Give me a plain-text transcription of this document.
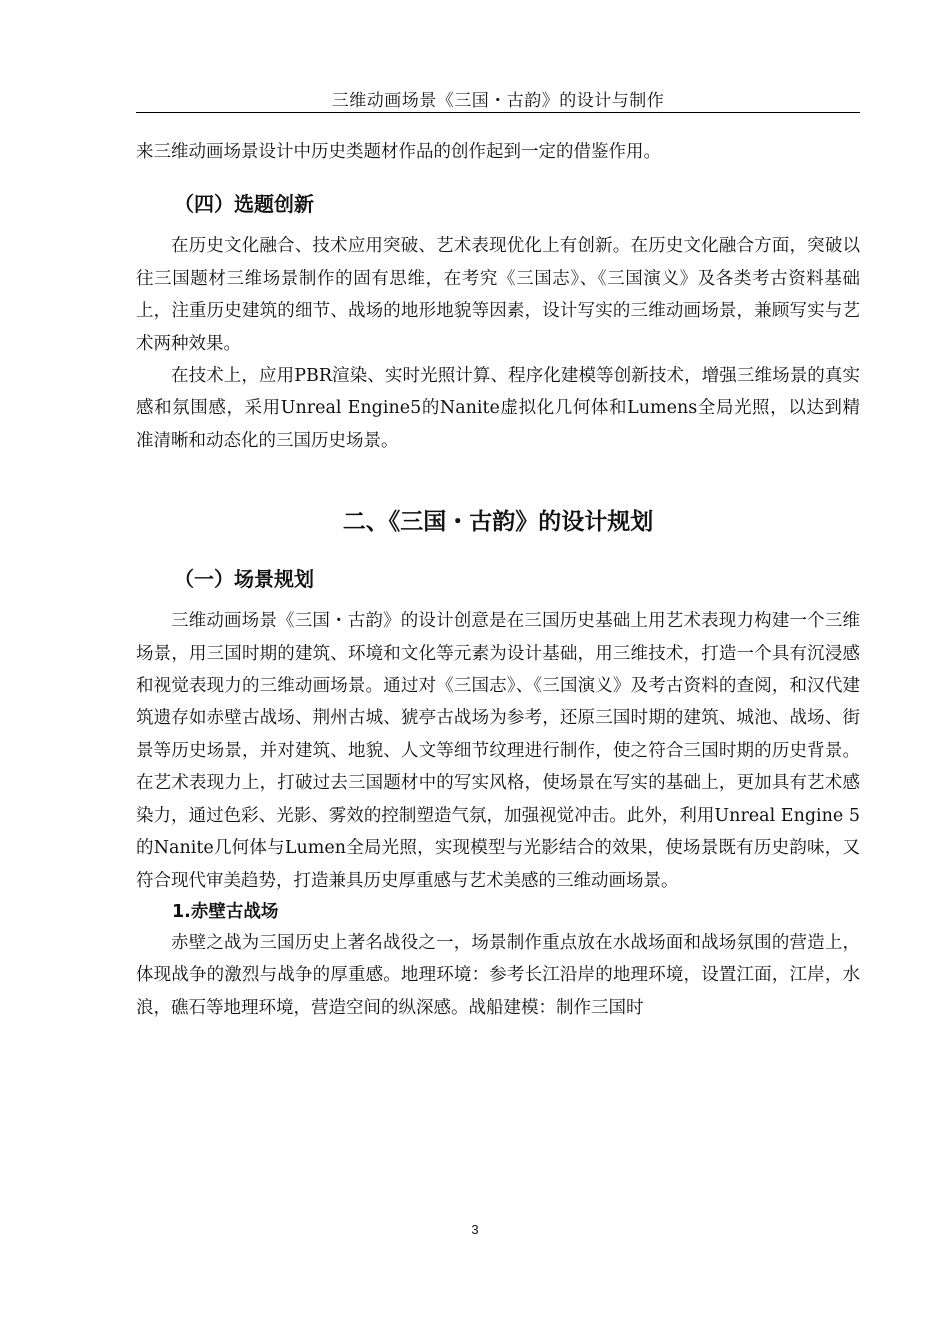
三维动画场景《三国・古韵》的设计与制作

来三维动画场景设计中历史类题材作品的创作起到一定的借鉴作用。

（四）选题创新

在历史文化融合、技术应用突破、艺术表现优化上有创新。在历史文化融合方面，突破以往三国题材三维场景制作的固有思维，在考究《三国志》、《三国演义》及各类考古资料基础上，注重历史建筑的细节、战场的地形地貌等因素，设计写实的三维动画场景，兼顾写实与艺术两种效果。

在技术上，应用PBR渲染、实时光照计算、程序化建模等创新技术，增强三维场景的真实感和氛围感，采用Unreal Engine5的Nanite虚拟化几何体和Lumens全局光照，以达到精准清晰和动态化的三国历史场景。

二、《三国・古韵》的设计规划
（一）场景规划

三维动画场景《三国・古韵》的设计创意是在三国历史基础上用艺术表现力构建一个三维场景，用三国时期的建筑、环境和文化等元素为设计基础，用三维技术，打造一个具有沉浸感和视觉表现力的三维动画场景。通过对《三国志》、《三国演义》及考古资料的查阅，和汉代建筑遗存如赤壁古战场、荆州古城、猇亭古战场为参考，还原三国时期的建筑、城池、战场、街景等历史场景，并对建筑、地貌、人文等细节纹理进行制作，使之符合三国时期的历史背景。在艺术表现力上，打破过去三国题材中的写实风格，使场景在写实的基础上，更加具有艺术感染力，通过色彩、光影、雾效的控制塑造气氛，加强视觉冲击。此外，利用Unreal Engine 5的Nanite几何体与Lumen全局光照，实现模型与光影结合的效果，使场景既有历史韵味，又符合现代审美趋势，打造兼具历史厚重感与艺术美感的三维动画场景。

1.赤壁古战场

赤壁之战为三国历史上著名战役之一，场景制作重点放在水战场面和战场氛围的营造上，体现战争的激烈与战争的厚重感。地理环境：参考长江沿岸的地理环境，设置江面，江岸，水浪，礁石等地理环境，营造空间的纵深感。战船建模：制作三国时

3
